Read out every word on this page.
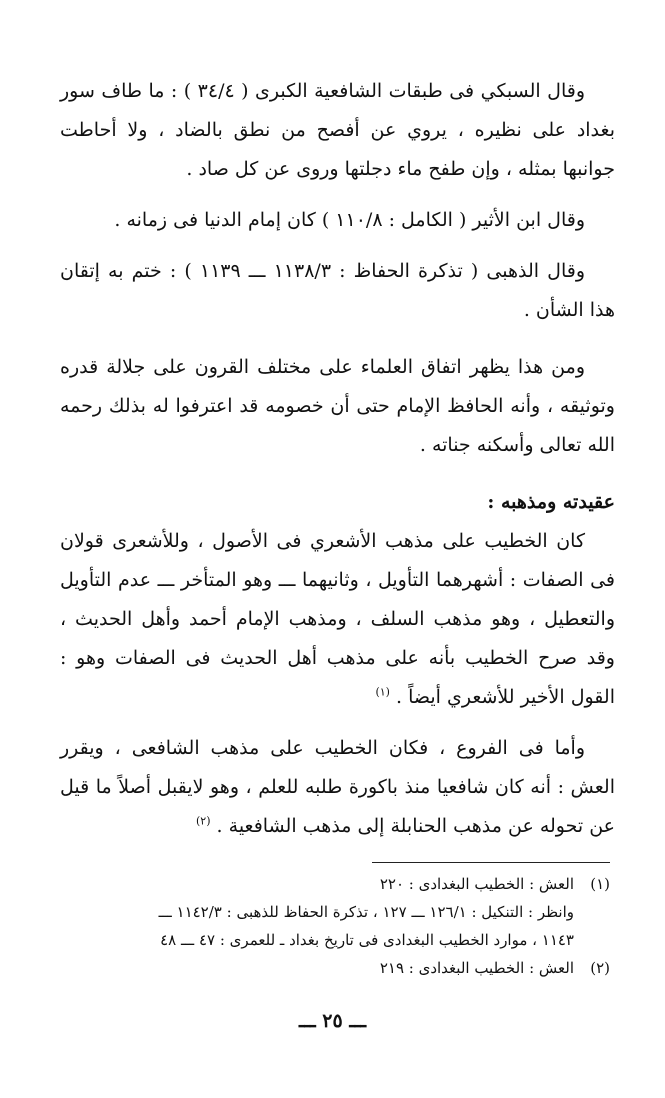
وقال السبكي فى طبقات الشافعية الكبرى ( ٣٤/٤ ) : ما طاف سور بغداد على نظيره ، يروي عن أفصح من نطق بالضاد ، ولا أحاطت جوانبها بمثله ، وإن طفح ماء دجلتها وروى عن كل صاد .

وقال ابن الأثير ( الكامل : ١١٠/٨ ) كان إمام الدنيا فى زمانه .

وقال الذهبى ( تذكرة الحفاظ : ١١٣٨/٣ ـــ ١١٣٩ ) : ختم به إتقان هذا الشأن .

ومن هذا يظهر اتفاق العلماء على مختلف القرون على جلالة قدره وتوثيقه ، وأنه الحافظ الإمام حتى أن خصومه قد اعترفوا له بذلك رحمه الله تعالى وأسكنه جناته .

عقيدته ومذهبه :

كان الخطيب على مذهب الأشعري فى الأصول ، وللأشعرى قولان فى الصفات : أشهرهما التأويل ، وثانيهما ـــ وهو المتأخر ـــ عدم التأويل والتعطيل ، وهو مذهب السلف ، ومذهب الإمام أحمد وأهل الحديث ، وقد صرح الخطيب بأنه على مذهب أهل الحديث فى الصفات وهو : القول الأخير للأشعري أيضاً . $^{(١)}$

وأما فى الفروع ، فكان الخطيب على مذهب الشافعى ، ويقرر العش : أنه كان شافعيا منذ باكورة طلبه للعلم ، وهو لايقبل أصلاً ما قيل عن تحوله عن مذهب الحنابلة إلى مذهب الشافعية . $^{(٢)}$

(١)العش : الخطيب البغدادى : ٢٢٠
وانظر : التنكيل : ١٢٦/١ ـــ ١٢٧ ، تذكرة الحفاظ للذهبى : ١١٤٢/٣ ـــ
١١٤٣ ، موارد الخطيب البغدادى فى تاريخ بغداد ـ للعمرى : ٤٧ ـــ ٤٨
(٢)العش : الخطيب البغدادى : ٢١٩
ـــ ٢٥ ـــ
